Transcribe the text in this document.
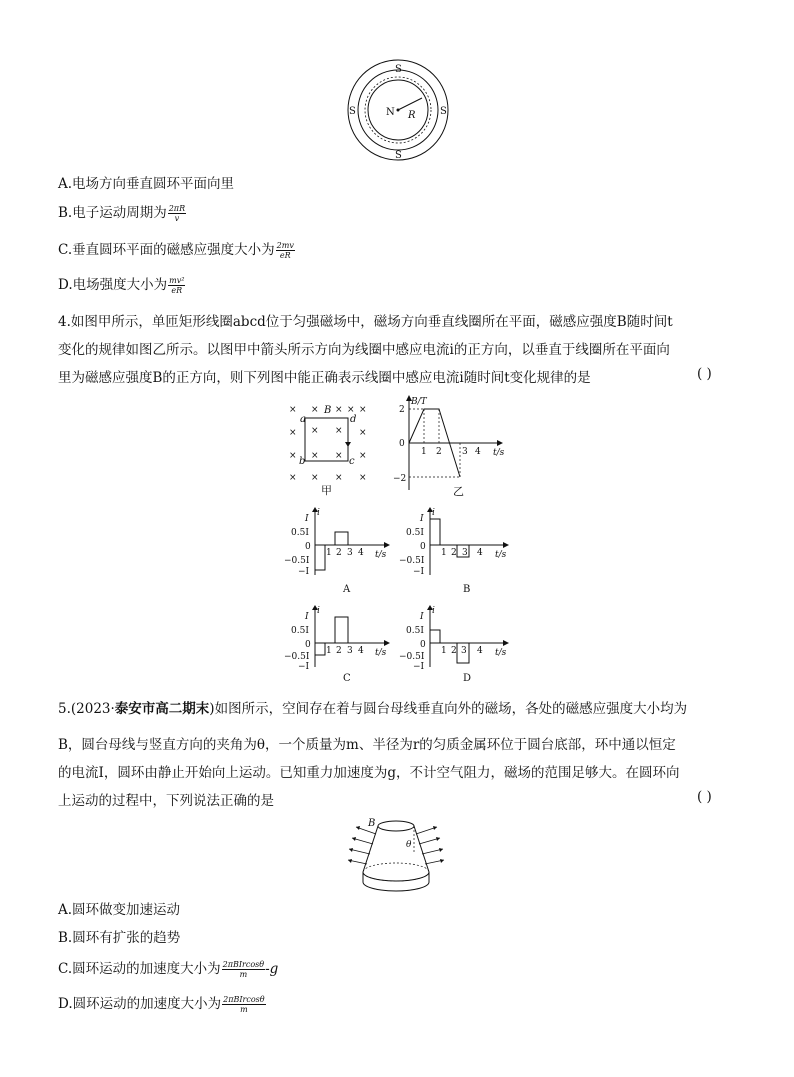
S
S
S	S
N R
A.电场方向垂直圆环平面向里
B.电子运动周期为 $\frac{2\pi R}{v}$
C.垂直圆环平面的磁感应强度大小为 $\frac{2mv}{eR}$
D.电场强度大小为 $\frac{\text{mv²}}{eR}$
4.如图甲所示，单匝矩形线圈abcd位于匀强磁场中，磁场方向垂直线圈所在平面，磁感应强度B随时间t
变化的规律如图乙所示。以图甲中箭头所示方向为线圈中感应电流i的正方向，以垂直于线圈所在平面向
里为磁感应强度B的正方向，则下列图中能正确表示线圈中感应电流i随时间t变化规律的是	( )
× × × × ×
×	×
×	×
× × × ×
× ×
× ×
a
b	c
d
B
甲
B/T
t/s
2
0
−2
1 2 3 4
乙
i
t/s
I
0.5I
0
−0.5I
−I
1 2 3 4
A
i
t/s
I
0.5I
0
−0.5I
−I
1 2 3 4
B
i
t/s
I
0.5I
0
−0.5I
−I
1 2 3 4
C
i
t/s
I
0.5I
0
−0.5I
−I
1 2 3 4
D
5.(2023·泰安市高二期末)如图所示，空间存在着与圆台母线垂直向外的磁场，各处的磁感应强度大小均为
B，圆台母线与竖直方向的夹角为θ，一个质量为m、半径为r的匀质金属环位于圆台底部，环中通以恒定
的电流I，圆环由静止开始向上运动。已知重力加速度为g，不计空气阻力，磁场的范围足够大。在圆环向
上运动的过程中，下列说法正确的是	( )
B
θ
A.圆环做变加速运动
B.圆环有扩张的趋势
C.圆环运动的加速度大小为 $\frac{\text{2πBIrcosθ}}{m} -g$
D.圆环运动的加速度大小为 $\frac{\text{2πBIrcosθ}}{m}$
